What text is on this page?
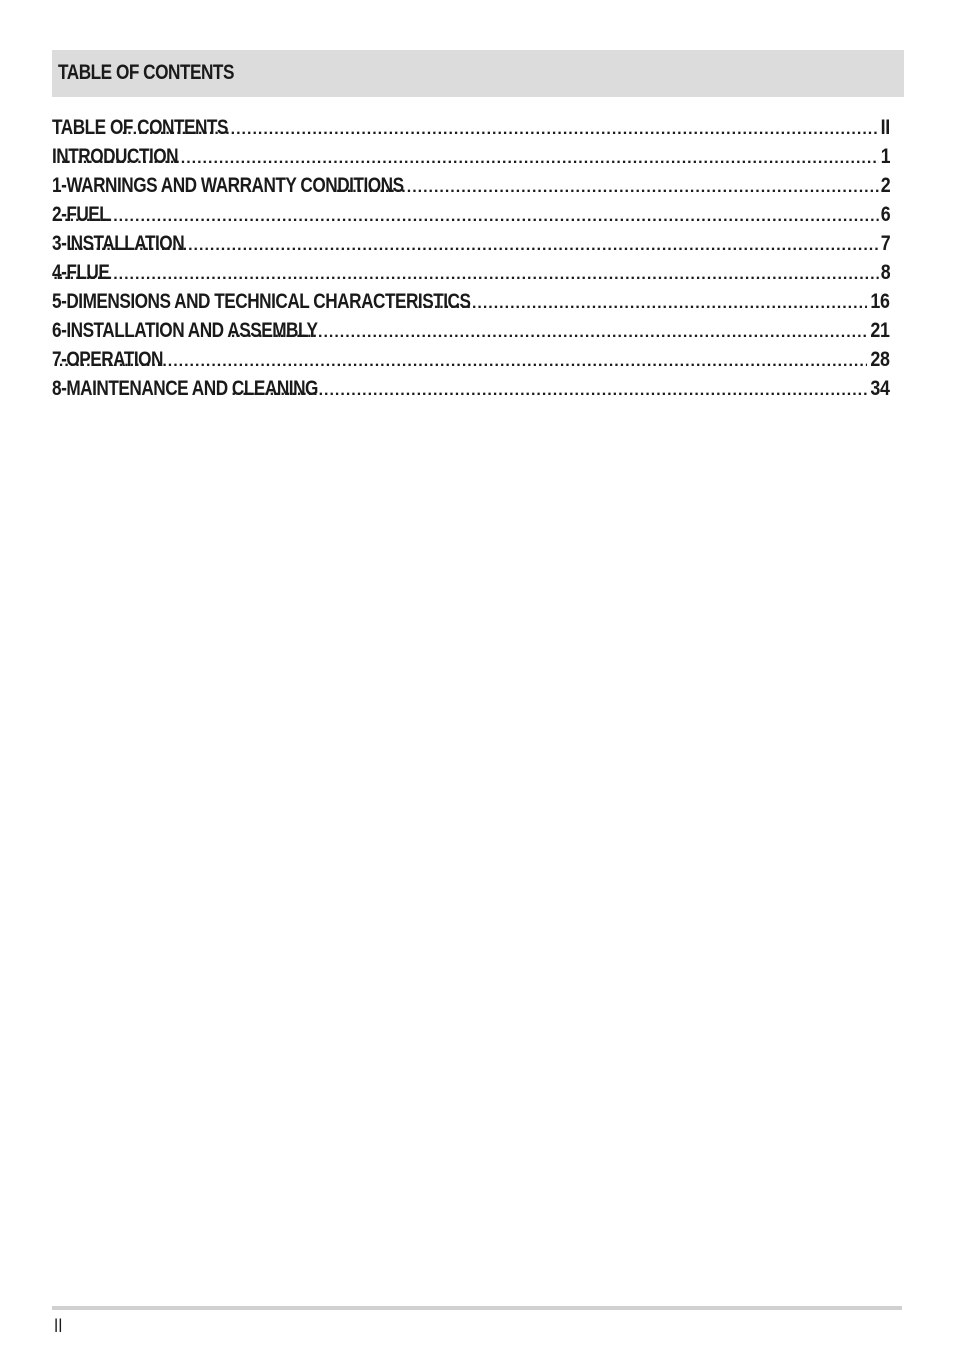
TABLE OF CONTENTS
TABLE OF CONTENTS .....	II
INTRODUCTION .....	1
1-WARNINGS AND WARRANTY CONDITIONS .....	2
2-FUEL .....	6
3-INSTALLATION .....	7
4-FLUE .....	8
5-DIMENSIONS AND TECHNICAL CHARACTERISTICS .....	16
6-INSTALLATION AND ASSEMBLY .....	21
7-OPERATION .....	28
8-MAINTENANCE AND CLEANING .....	34
II
